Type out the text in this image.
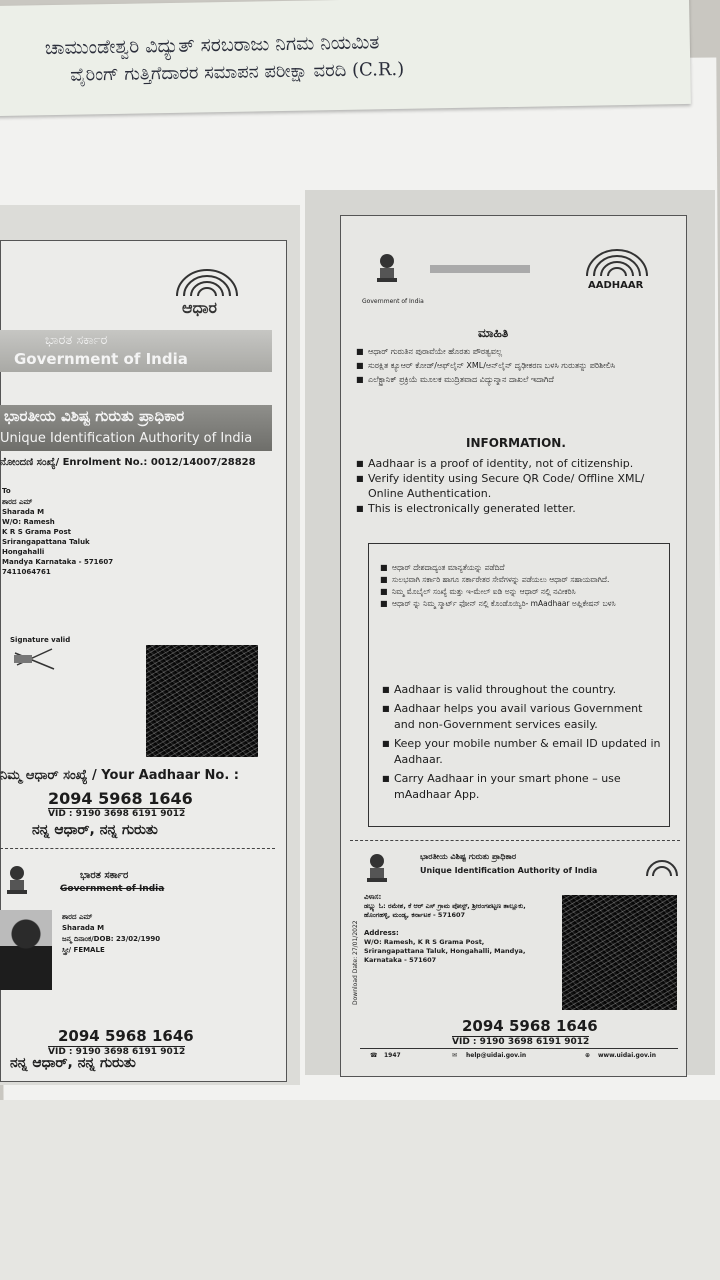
ಚಾಮುಂಡೇಶ್ವರಿ ವಿದ್ಯುತ್ ಸರಬರಾಜು ನಿಗಮ ನಿಯಮಿತ
ವೈರಿಂಗ್ ಗುತ್ತಿಗೆದಾರರ ಸಮಾಪನ ಪರೀಕ್ಷಾ ವರದಿ (C.R.)
ಆಧಾರ
ಭಾರತ ಸರ್ಕಾರ
Government of India
ಭಾರತೀಯ ವಿಶಿಷ್ಟ ಗುರುತು ಪ್ರಾಧಿಕಾರ
Unique Identification Authority of India
ನೋಂದಣಿ ಸಂಖ್ಯೆ/ Enrolment No.: 0012/14007/28828
To
ಶಾರದ ಎಮ್
Sharada M
W/O: Ramesh
K R S Grama Post
Srirangapattana Taluk
Hongahalli
Mandya Karnataka - 571607
7411064761
Signature valid
ನಿಮ್ಮ ಆಧಾರ್ ಸಂಖ್ಯೆ / Your Aadhaar No. :
2094 5968 1646
VID : 9190 3698 6191 9012
ನನ್ನ ಆಧಾರ್, ನನ್ನ ಗುರುತು
ಭಾರತ ಸರ್ಕಾರ
Government of India
ಶಾರದ ಎಮ್
Sharada M
ಜನ್ಮ ದಿನಾಂಕ/DOB: 23/02/1990
ಸ್ತ್ರೀ/ FEMALE
2094 5968 1646
VID : 9190 3698 6191 9012
ನನ್ನ ಆಧಾರ್, ನನ್ನ ಗುರುತು
Government of India
AADHAAR
ಮಾಹಿತಿ
■ ಆಧಾರ್ ಗುರುತಿನ ಪುರಾವೆಯೇ ಹೊರತು ಪೌರತ್ವವಲ್ಲ
■ ಸುರಕ್ಷಿತ ಕ್ಯೂಆರ್ ಕೋಡ್/ಆಫ್‌ಲೈನ್ XML/ಆನ್‌ಲೈನ್ ದೃಢೀಕರಣ ಬಳಸಿ ಗುರುತನ್ನು ಪರಿಶೀಲಿಸಿ
■ ಎಲೆಕ್ಟ್ರಾನಿಕ್ ಪ್ರಕ್ರಿಯೆ ಮೂಲಕ ಮುದ್ರಿತವಾದ ವಿದ್ಯುನ್ಮಾನ ದಾಖಲೆ ಇದಾಗಿದೆ
INFORMATION.
■ Aadhaar is a proof of identity, not of citizenship.
■ Verify identity using Secure QR Code/ Offline XML/ Online Authentication.
■ This is electronically generated letter.
■ ಆಧಾರ್ ದೇಶದಾದ್ಯಂತ ಮಾನ್ಯತೆಯನ್ನು ಪಡೆದಿದೆ
■ ಸುಲಭವಾಗಿ ಸರ್ಕಾರಿ ಹಾಗೂ ಸರ್ಕಾರೇತರ ಸೇವೆಗಳನ್ನು ಪಡೆಯಲು ಆಧಾರ್ ಸಹಾಯವಾಗಿದೆ.
■ ನಿಮ್ಮ ಮೊಬೈಲ್ ಸಂಖ್ಯೆ ಮತ್ತು ಇ-ಮೇಲ್ ಐಡಿ ಅನ್ನು ಆಧಾರ್ ನಲ್ಲಿ ನವೀಕರಿಸಿ
■ ಆಧಾರ್ ನ್ನು ನಿಮ್ಮ ಸ್ಮಾರ್ಟ್ ಫೋನ್ ನಲ್ಲಿ ಕೊಂಡೊಯ್ಯಿರಿ- mAadhaar ಅಪ್ಲಿಕೇಷನ್ ಬಳಸಿ
■ Aadhaar is valid throughout the country.
■ Aadhaar helps you avail various Government and non-Government services easily.
■ Keep your mobile number & email ID updated in Aadhaar.
■ Carry Aadhaar in your smart phone – use mAadhaar App.
ಭಾರತೀಯ ವಿಶಿಷ್ಟ ಗುರುತು ಪ್ರಾಧಿಕಾರ
Unique Identification Authority of India
Download Date: 27/01/2022
ವಿಳಾಸ:
ಡಬ್ಲ್ಯು ಓ: ರಮೇಶ, ಕೆ ಆರ್ ಎಸ್ ಗ್ರಾಮ ಪೋಸ್ಟ್, ಶ್ರೀರಂಗಪಟ್ಟಣ ತಾಲ್ಲೂಕು, ಹೊಂಗಹಳ್ಳಿ, ಮಂಡ್ಯ, ಕರ್ನಾಟಕ - 571607
Address:
W/O: Ramesh, K R S Grama Post, Srirangapattana Taluk, Hongahalli, Mandya, Karnataka - 571607
2094 5968 1646
VID : 9190 3698 6191 9012
☎ 1947	✉ help@uidai.gov.in	⊕ www.uidai.gov.in
